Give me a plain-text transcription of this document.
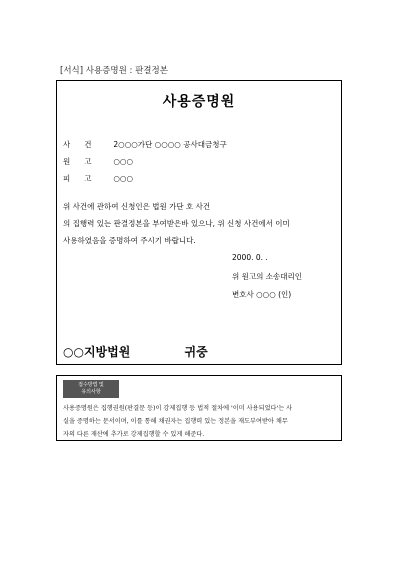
[서식] 사용증명원 : 판결정본
사용증명원
사건 2○○○가단 ○○○○ 공사대금청구
원고 ○○○
피고 ○○○
위 사건에 관하여 신청인은 법원 가단 호 사건
의 집행력 있는 판결정본을 부여받은바 있으나, 위 신청 사건에서 이미
사용하였음을 증명하여 주시기 바랍니다.
2000. 0. .
위 원고의 소송대리인
변호사 ○○○ (인)
○○지방법원	귀중
접수방법 및
유의사항
사용증명원은 집행권원(판결문 등)이 강제집행 등 법적 절차에 '이미 사용되었다'는 사
실을 증명하는 문서이며, 이를 통해 채권자는 집행력 있는 정본을 재도부여받아 채무
자의 다른 재산에 추가로 강제집행할 수 있게 해준다.
